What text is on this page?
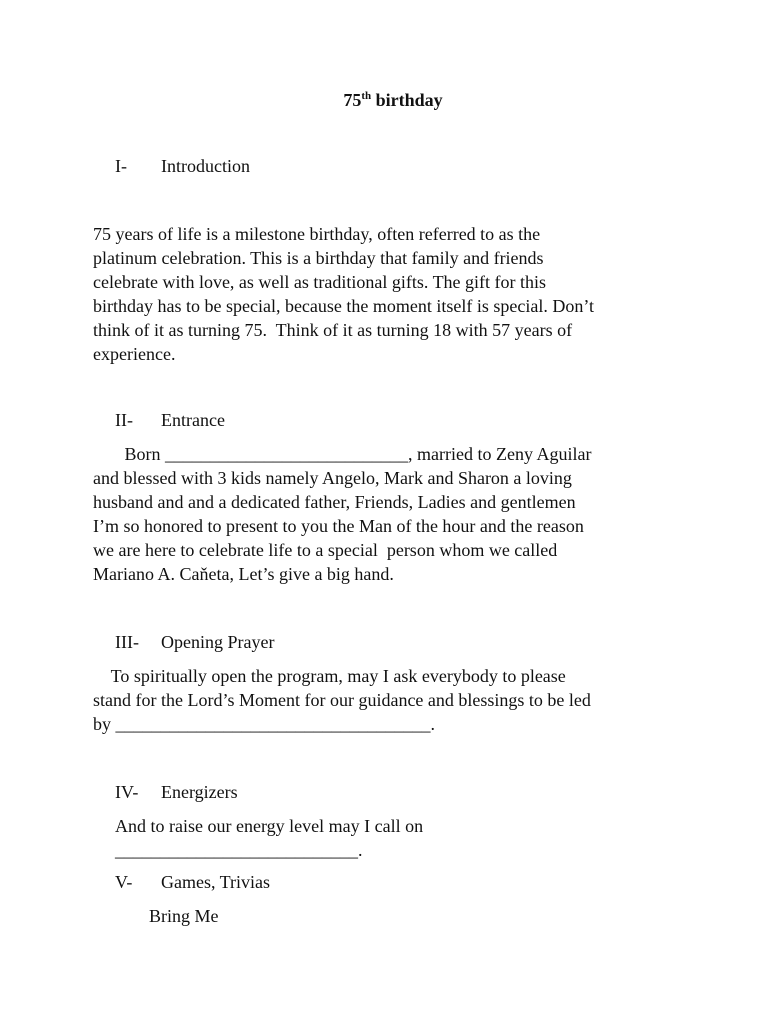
75th birthday
I- Introduction
75 years of life is a milestone birthday, often referred to as the
platinum celebration. This is a birthday that family and friends
celebrate with love, as well as traditional gifts. The gift for this
birthday has to be special, because the moment itself is special. Don’t
think of it as turning 75.  Think of it as turning 18 with 57 years of
experience.
II- Entrance
Born ___________________________, married to Zeny Aguilar
and blessed with 3 kids namely Angelo, Mark and Sharon a loving
husband and and a dedicated father, Friends, Ladies and gentlemen
I’m so honored to present to you the Man of the hour and the reason
we are here to celebrate life to a special  person whom we called
Mariano A. Caňeta, Let’s give a big hand.
III- Opening Prayer
To spiritually open the program, may I ask everybody to please
stand for the Lord’s Moment for our guidance and blessings to be led
by ___________________________________.
IV- Energizers
And to raise our energy level may I call on
___________________________.
V- Games, Trivias
Bring Me
